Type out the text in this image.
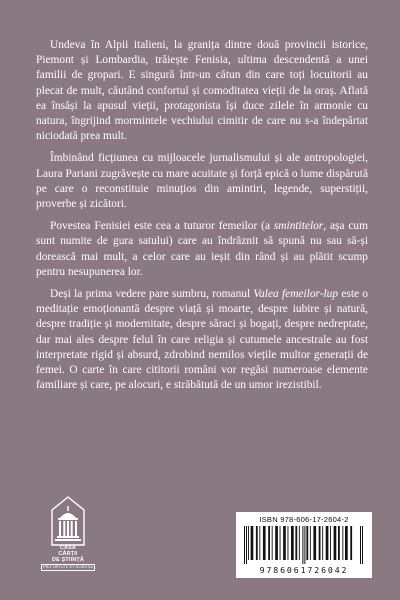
Undeva în Alpii italieni, la granița dintre două provincii istorice, Piemont și Lombardia, trăiește Fenisia, ultima descendentă a unei familii de gropari. E singură într-un cătun din care toți locuitorii au plecat de mult, căutând confortul și comoditatea vieții de la oraș. Aflată ea însăși la apusul vieții, protagonista își duce zilele în armonie cu natura, îngrijind mormintele vechiului cimitir de care nu s-a îndepărtat niciodată prea mult.

Îmbinând ficțiunea cu mijloacele jurnalismului și ale antropologiei, Laura Pariani zugrăvește cu mare acuitate și forță epică o lume dispărută pe care o reconstituie minuțios din amintiri, legende, superstiții, proverbe și zicători.

Povestea Fenisiei este cea a tuturor femeilor (a smintitelor, așa cum sunt numite de gura satului) care au îndrăznit să spună nu sau să-și dorească mai mult, a celor care au ieșit din rând și au plătit scump pentru nesupunerea lor.

Deși la prima vedere pare sumbru, romanul Valea femeilor-lup este o meditație emoționantă despre viață și moarte, despre iubire și natură, despre tradiție și modernitate, despre săraci și bogați, despre nedreptate, dar mai ales despre felul în care religia și cutumele ancestrale au fost interpretate rigid și absurd, zdrobind nemilos viețile multor generații de femei. O carte în care cititorii români vor regăsi numeroase elemente familiare și care, pe alocuri, e străbătută de un umor irezistibil.

CASA
CĂRȚII
DE ȘTIINȚĂ
PRO VIRTUTE ET SCIENTIA
ISBN 978-606-17-2604-2
9786061726042
